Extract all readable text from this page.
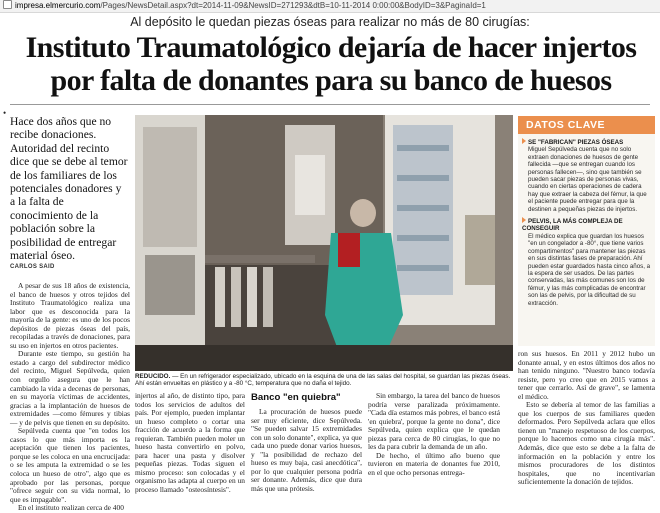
impresa.elmercurio.com/Pages/NewsDetail.aspx?dt=2014-11-09&NewsID=271293&dtB=10-11-2014 0:00:00&BodyID=3&PaginaId=1
Al depósito le quedan piezas óseas para realizar no más de 80 cirugías:
Instituto Traumatológico dejaría de hacer injertos por falta de donantes para su banco de huesos
•
Hace dos años que no recibe donaciones. Autoridad del recinto dice que se debe al temor de los familiares de los potenciales donadores y a la falta de conocimiento de la población sobre la posibilidad de entregar material óseo.
CARLOS SAID

A pesar de sus 18 años de existencia, el banco de huesos y otros tejidos del Instituto Traumatológico realiza una labor que es desconocida para la mayoría de la gente: es uno de los pocos depósitos de piezas óseas del país, recopiladas a través de donaciones, para su uso en injertos en otros pacientes.

Durante este tiempo, su gestión ha estado a cargo del subdirector médico del recinto, Miguel Sepúlveda, quien con orgullo asegura que le han cambiado la vida a decenas de personas, en su mayoría víctimas de accidentes, gracias a la implantación de huesos de extremidades —como fémures y tibias— y de pelvis que tienen en su depósito.

Sepúlveda cuenta que "en todos los casos lo que más importa es la aceptación que tienen los pacientes, porque se les coloca en una encrucijada: o se les amputa la extremidad o se les coloca un hueso de otro", algo que es aprobado por las personas, porque "ofrece seguir con su vida normal, lo que es impagable".

En el instituto realizan cerca de 400

REDUCIDO. — En un refrigerador especializado, ubicado en la esquina de una de las salas del hospital, se guardan las piezas óseas. Ahí están envueltas en plástico y a -80 °C, temperatura que no daña el tejido.
DATOS CLAVE
SE "FABRICAN" PIEZAS ÓSEAS
Miguel Sepúlveda cuenta que no solo extraen donaciones de huesos de gente fallecida —que se entregan cuando los personas fallecen—, sino que también se pueden sacar piezas de personas vivas, cuando en ciertas operaciones de cadera hay que extraer la cabeza del fémur, la que el paciente puede entregar para que la destinen a pequeñas piezas de injertos.
PELVIS, LA MÁS COMPLEJA DE CONSEGUIR
El médico explica que guardan los huesos "en un congelador a -80°, que tiene varios compartimentos" para mantener las piezas en sus distintas fases de preparación. Ahí pueden estar guardados hasta cinco años, a la espera de ser usados. De las partes conservadas, las más comunes son los de fémur, y las más complicadas de encontrar son las de pelvis, por la dificultad de su extracción.

injertos al año, de distinto tipo, para todos los servicios de adultos del país. Por ejemplo, pueden implantar un hueso completo o cortar una fracción de acuerdo a la forma que requieran. También pueden moler un hueso hasta convertirlo en polvo, para hacer una pasta y disolver pequeñas piezas. Todas siguen el mismo proceso: son colocadas y el organismo las adapta al cuerpo en un proceso llamado "osteosíntesis".

Banco "en quiebra"

La procuración de huesos puede ser muy eficiente, dice Sepúlveda. "Se pueden salvar 15 extremidades con un solo donante", explica, ya que cada uno puede donar varios huesos, y "la posibilidad de rechazo del hueso es muy baja, casi anecdótica", por lo que cualquier persona podría ser donante. Además, dice que dura más que una prótesis.

Sin embargo, la tarea del banco de huesos podría verse paralizada próximamente. "Cada día estamos más pobres, el banco está 'en quiebra', porque la gente no dona", dice Sepúlveda, quien explica que le quedan piezas para cerca de 80 cirugías, lo que no les da para cubrir la demanda de un año.

De hecho, el último año bueno que tuvieron en materia de donantes fue 2010, en el que ocho personas entrega-

ron sus huesos. En 2011 y 2012 hubo un donante anual, y en estos últimos dos años no han tenido ninguno. "Nuestro banco todavía resiste, pero yo creo que en 2015 vamos a tener que cerrarlo. Así de grave", se lamenta el médico.

Esto se debería al temor de las familias a que los cuerpos de sus familiares queden deformados. Pero Sepúlveda aclara que ellos tienen un "manejo respetuoso de los cuerpos, porque lo hacemos como una cirugía más". Además, dice que esto se debe a la falta de información en la población y entre los mismos procuradores de los distintos hospitales, que no incentivarían suficientemente la donación de tejidos.
